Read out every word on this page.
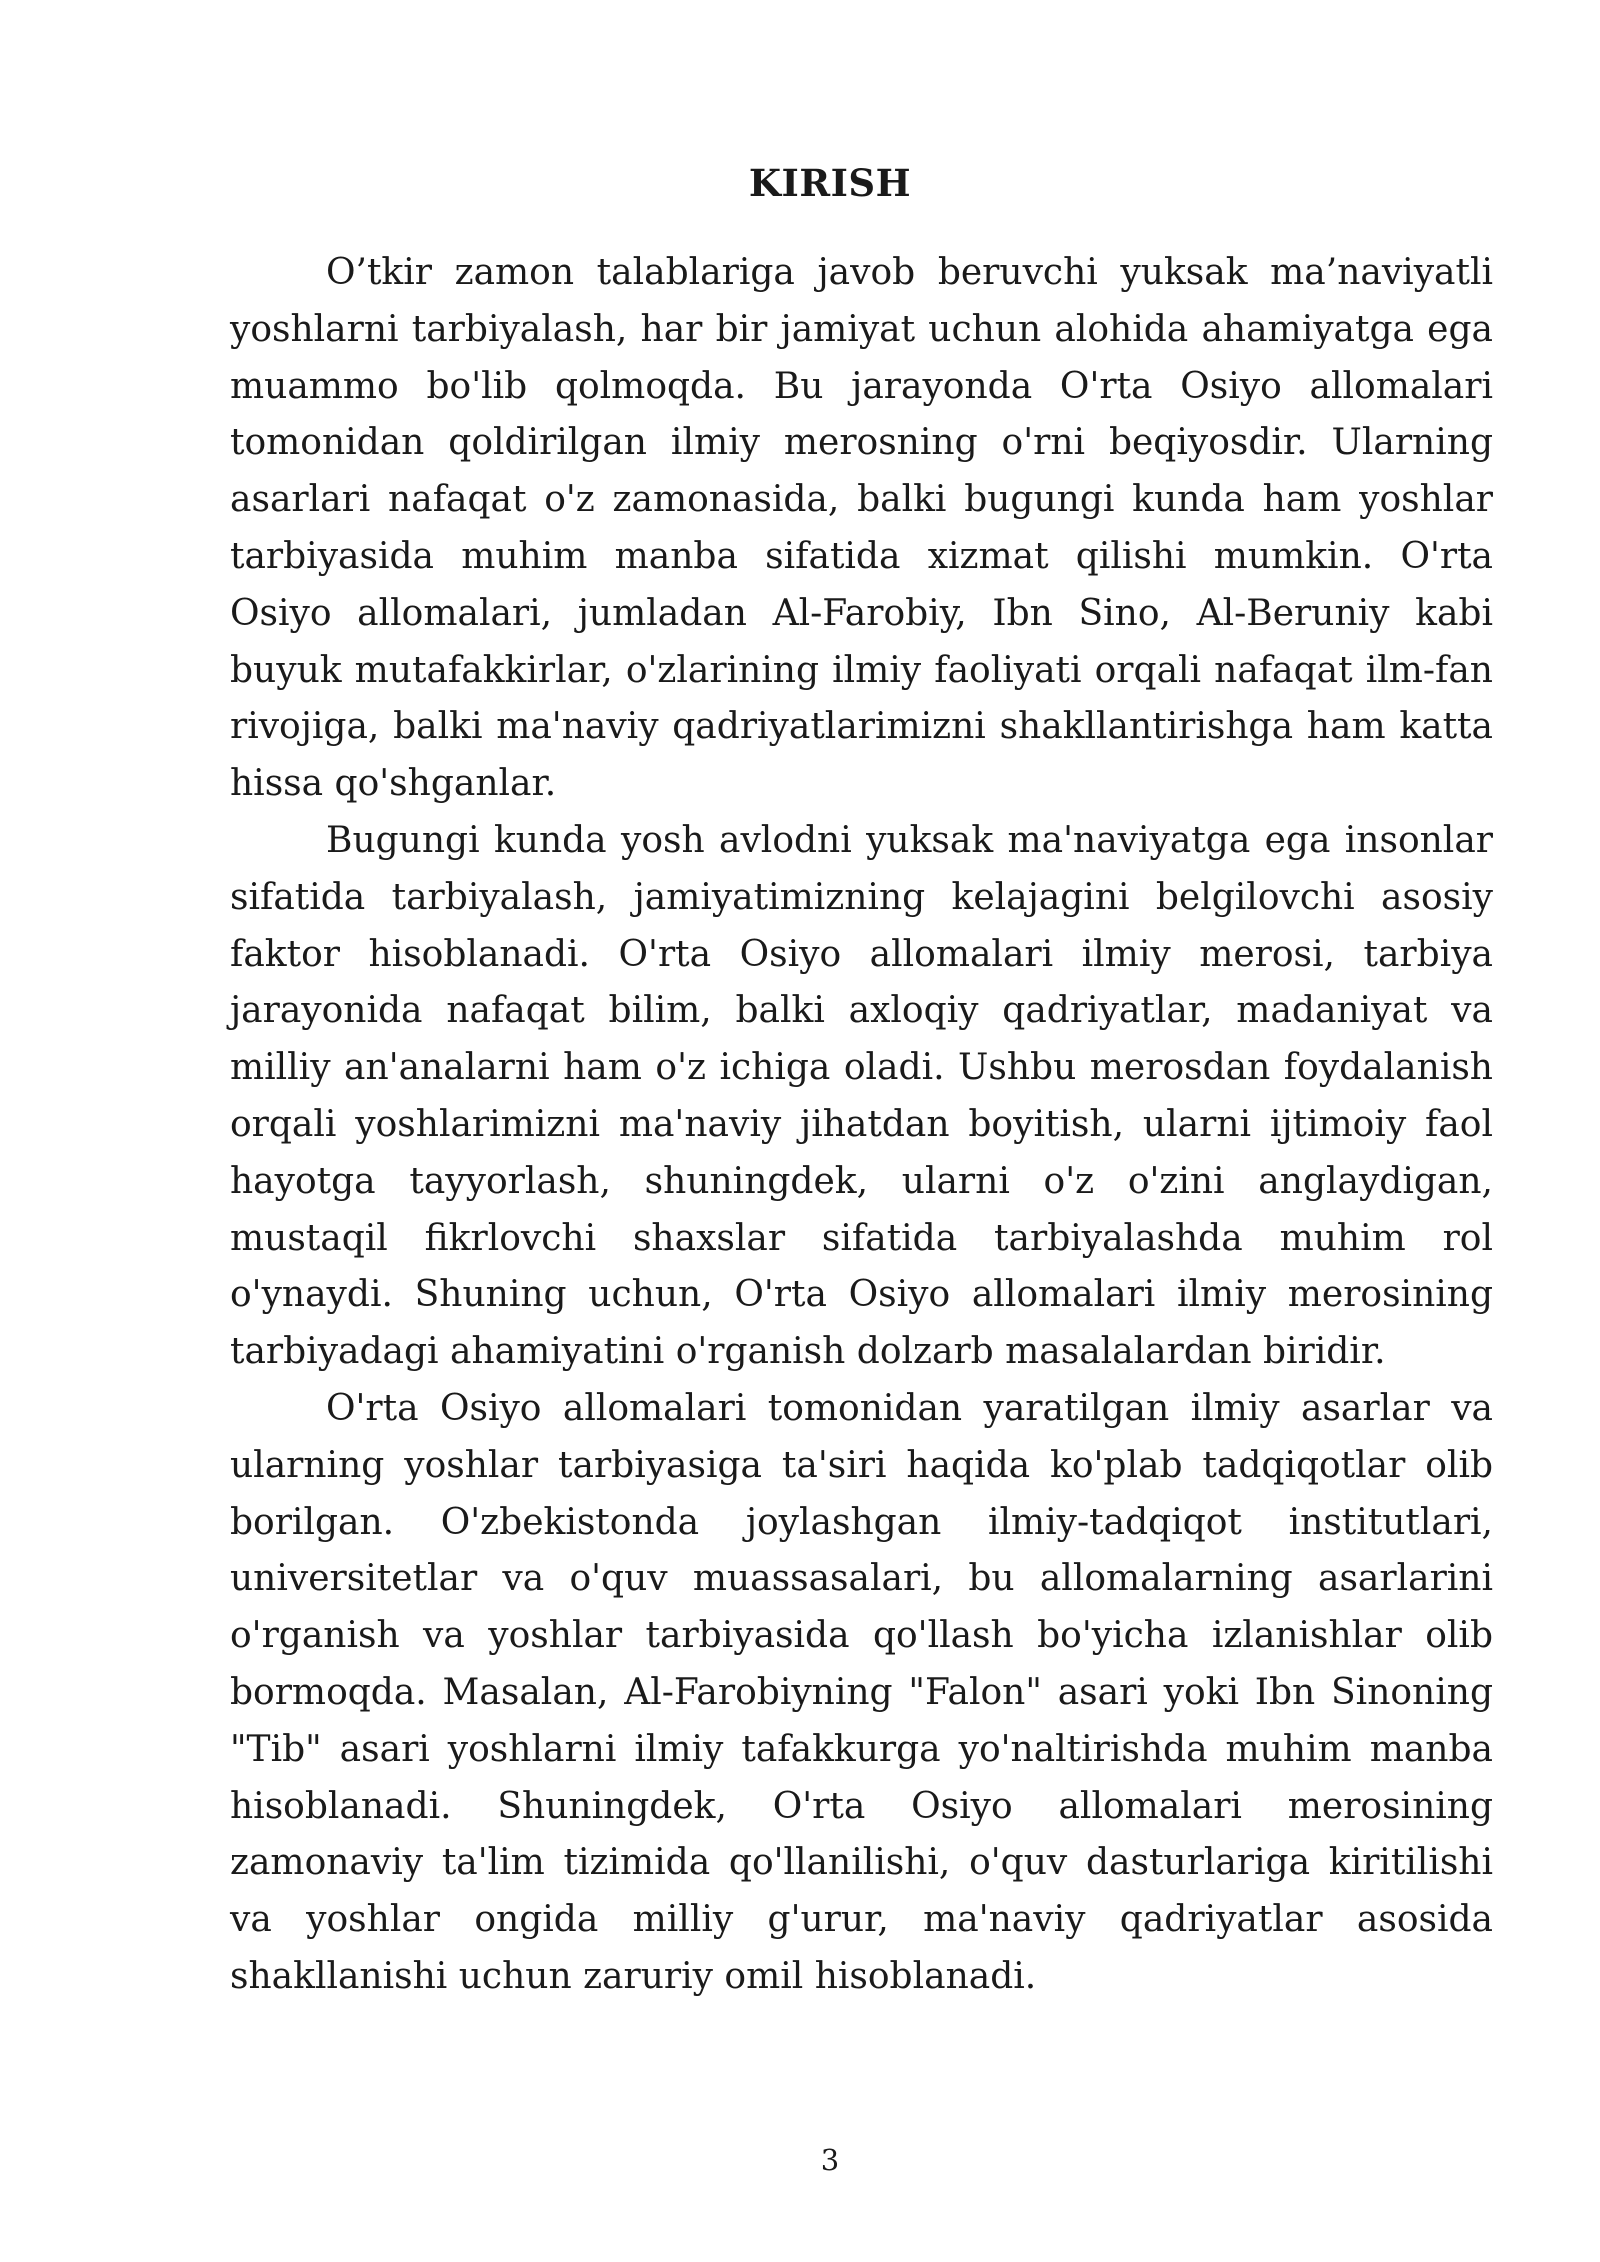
KIRISH

O’tkir zamon talablariga javob beruvchi yuksak ma’naviyatli yoshlarni tarbiyalash, har bir jamiyat uchun alohida ahamiyatga ega muammo bo'lib qolmoqda. Bu jarayonda O'rta Osiyo allomalari tomonidan qoldirilgan ilmiy merosning o'rni beqiyosdir. Ularning asarlari nafaqat o'z zamonasida, balki bugungi kunda ham yoshlar tarbiyasida muhim manba sifatida xizmat qilishi mumkin. O'rta Osiyo allomalari, jumladan Al-Farobiy, Ibn Sino, Al-Beruniy kabi buyuk mutafakkirlar, o'zlarining ilmiy faoliyati orqali nafaqat ilm-fan rivojiga, balki ma'naviy qadriyatlarimizni shakllantirishga ham katta hissa qo'shganlar.

Bugungi kunda yosh avlodni yuksak ma'naviyatga ega insonlar sifatida tarbiyalash, jamiyatimizning kelajagini belgilovchi asosiy faktor hisoblanadi. O'rta Osiyo allomalari ilmiy merosi, tarbiya jarayonida nafaqat bilim, balki axloqiy qadriyatlar, madaniyat va milliy an'analarni ham o'z ichiga oladi. Ushbu merosdan foydalanish orqali yoshlarimizni ma'naviy jihatdan boyitish, ularni ijtimoiy faol hayotga tayyorlash, shuningdek, ularni o'z o'zini anglaydigan, mustaqil fikrlovchi shaxslar sifatida tarbiyalashda muhim rol o'ynaydi. Shuning uchun, O'rta Osiyo allomalari ilmiy merosining tarbiyadagi ahamiyatini o'rganish dolzarb masalalardan biridir.

O'rta Osiyo allomalari tomonidan yaratilgan ilmiy asarlar va ularning yoshlar tarbiyasiga ta'siri haqida ko'plab tadqiqotlar olib borilgan. O'zbekistonda joylashgan ilmiy-tadqiqot institutlari, universitetlar va o'quv muassasalari, bu allomalarning asarlarini o'rganish va yoshlar tarbiyasida qo'llash bo'yicha izlanishlar olib bormoqda. Masalan, Al-Farobiyning "Falon" asari yoki Ibn Sinoning "Tib" asari yoshlarni ilmiy tafakkurga yo'naltirishda muhim manba hisoblanadi. Shuningdek, O'rta Osiyo allomalari merosining zamonaviy ta'lim tizimida qo'llanilishi, o'quv dasturlariga kiritilishi va yoshlar ongida milliy g'urur, ma'naviy qadriyatlar asosida shakllanishi uchun zaruriy omil hisoblanadi.

3
